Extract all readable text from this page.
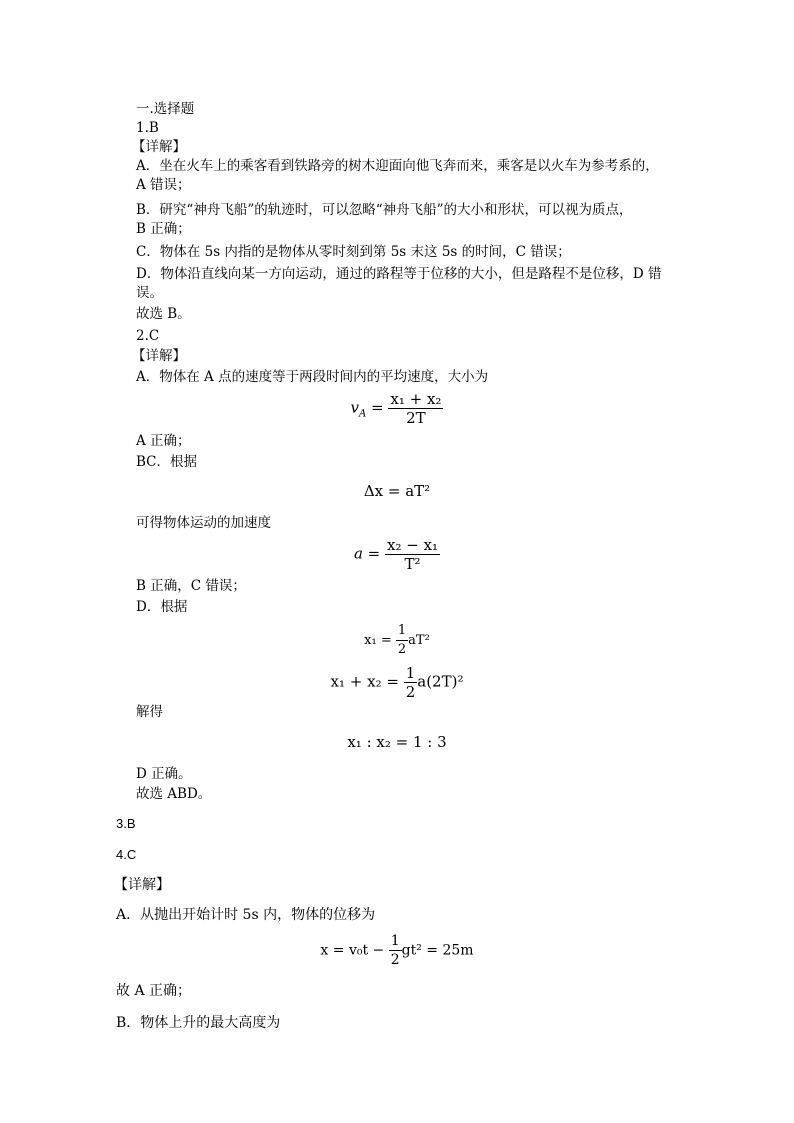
一.选择题
1.B
【详解】
A．坐在火车上的乘客看到铁路旁的树木迎面向他飞奔而来，乘客是以火车为参考系的，
A 错误；
B．研究“神舟飞船”的轨迹时，可以忽略“神舟飞船”的大小和形状，可以视为质点，
B 正确；
C．物体在 5s 内指的是物体从零时刻到第 5s 末这 5s 的时间，C 错误；
D．物体沿直线向某一方向运动，通过的路程等于位移的大小，但是路程不是位移，D 错
误。
故选 B。
2.C
【详解】
A．物体在 A 点的速度等于两段时间内的平均速度，大小为
$v_A = \frac{\text{x₁ + x₂}}{2T}$
A 正确；
BC．根据
Δx = aT²
可得物体运动的加速度
$a = \frac{\text{x₂ − x₁}}{\text{T²}}$
B 正确，C 错误；
D．根据
$x_1 = \frac{1}{2} aT^2$
$x_1 + x_2 = \frac{1}{2} a(2T)^2$
解得
x₁ : x₂ = 1 : 3
D 正确。
故选 ABD。
3.B
4.C
【详解】
A．从抛出开始计时 5s 内，物体的位移为
$x = v_0t - \frac{1}{2} gt^2 = 25m$
故 A 正确；
B．物体上升的最大高度为
